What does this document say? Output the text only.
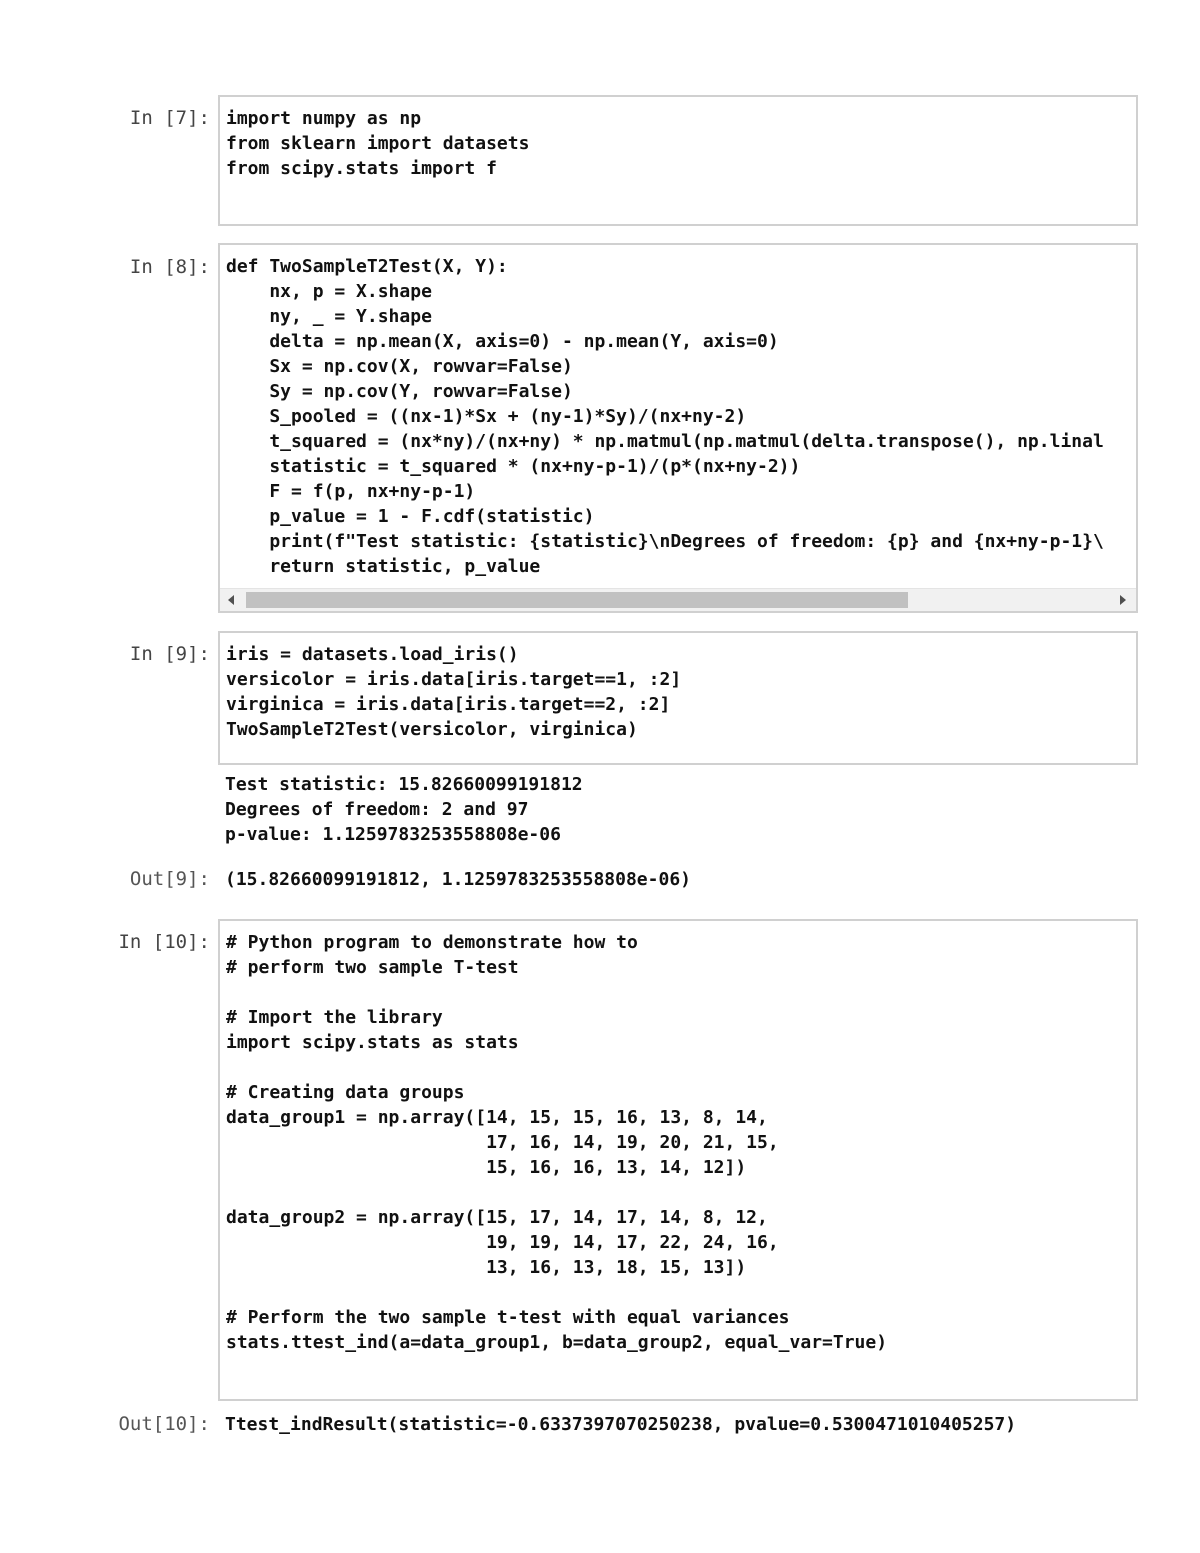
In [7]: import numpy as np
from sklearn import datasets
from scipy.stats import f
In [8]: def TwoSampleT2Test(X, Y):
nx, p = X.shape
ny, _ = Y.shape
delta = np.mean(X, axis=0) - np.mean(Y, axis=0)
Sx = np.cov(X, rowvar=False)
Sy = np.cov(Y, rowvar=False)
S_pooled = ((nx-1)*Sx + (ny-1)*Sy)/(nx+ny-2)
t_squared = (nx*ny)/(nx+ny) * np.matmul(np.matmul(delta.transpose(), np.linal
statistic = t_squared * (nx+ny-p-1)/(p*(nx+ny-2))
F = f(p, nx+ny-p-1)
p_value = 1 - F.cdf(statistic)
print(f"Test statistic: {statistic}\nDegrees of freedom: {p} and {nx+ny-p-1}\
return statistic, p_value
In [9]: iris = datasets.load_iris()
versicolor = iris.data[iris.target==1, :2]
virginica = iris.data[iris.target==2, :2]
TwoSampleT2Test(versicolor, virginica)
Test statistic: 15.82660099191812
Degrees of freedom: 2 and 97
p-value: 1.1259783253558808e-06
Out[9]: (15.82660099191812, 1.1259783253558808e-06)
In [10]: # Python program to demonstrate how to
# perform two sample T-test

# Import the library
import scipy.stats as stats

# Creating data groups
data_group1 = np.array([14, 15, 15, 16, 13, 8, 14,
17, 16, 14, 19, 20, 21, 15,
15, 16, 16, 13, 14, 12])

data_group2 = np.array([15, 17, 14, 17, 14, 8, 12,
19, 19, 14, 17, 22, 24, 16,
13, 16, 13, 18, 15, 13])

# Perform the two sample t-test with equal variances
stats.ttest_ind(a=data_group1, b=data_group2, equal_var=True)
Out[10]: Ttest_indResult(statistic=-0.6337397070250238, pvalue=0.5300471010405257)
